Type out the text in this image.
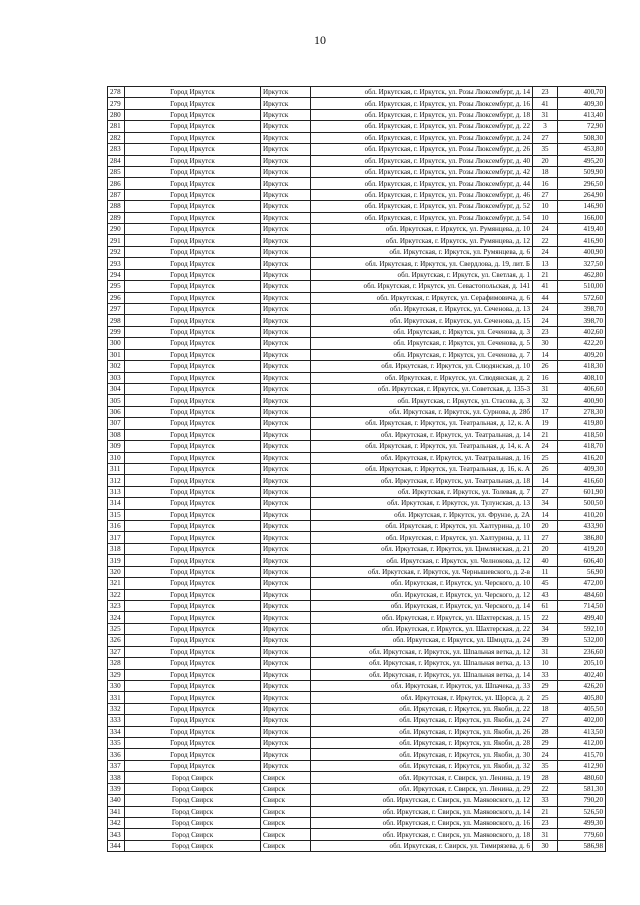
10
278	Город Иркутск	Иркутск	обл. Иркутская, г. Иркутск, ул. Розы Люксембург, д. 14	23	400,70
279	Город Иркутск	Иркутск	обл. Иркутская, г. Иркутск, ул. Розы Люксембург, д. 16	41	409,30
280	Город Иркутск	Иркутск	обл. Иркутская, г. Иркутск, ул. Розы Люксембург, д. 18	31	413,40
281	Город Иркутск	Иркутск	обл. Иркутская, г. Иркутск, ул. Розы Люксембург, д. 22	3	72,90
282	Город Иркутск	Иркутск	обл. Иркутская, г. Иркутск, ул. Розы Люксембург, д. 24	27	508,30
283	Город Иркутск	Иркутск	обл. Иркутская, г. Иркутск, ул. Розы Люксембург, д. 26	35	453,80
284	Город Иркутск	Иркутск	обл. Иркутская, г. Иркутск, ул. Розы Люксембург, д. 40	20	495,20
285	Город Иркутск	Иркутск	обл. Иркутская, г. Иркутск, ул. Розы Люксембург, д. 42	18	509,90
286	Город Иркутск	Иркутск	обл. Иркутская, г. Иркутск, ул. Розы Люксембург, д. 44	16	296,50
287	Город Иркутск	Иркутск	обл. Иркутская, г. Иркутск, ул. Розы Люксембург, д. 46	27	264,90
288	Город Иркутск	Иркутск	обл. Иркутская, г. Иркутск, ул. Розы Люксембург, д. 52	10	146,90
289	Город Иркутск	Иркутск	обл. Иркутская, г. Иркутск, ул. Розы Люксембург, д. 54	10	166,00
290	Город Иркутск	Иркутск	обл. Иркутская, г. Иркутск, ул. Румянцева, д. 10	24	419,40
291	Город Иркутск	Иркутск	обл. Иркутская, г. Иркутск, ул. Румянцева, д. 12	22	416,90
292	Город Иркутск	Иркутск	обл. Иркутская, г. Иркутск, ул. Румянцева, д. 6	24	400,90
293	Город Иркутск	Иркутск	обл. Иркутская, г. Иркутск, ул. Свердлова, д. 19, лит. Б	13	327,50
294	Город Иркутск	Иркутск	обл. Иркутская, г. Иркутск, ул. Светлая, д. 1	21	462,80
295	Город Иркутск	Иркутск	обл. Иркутская, г. Иркутск, ул. Севастопольская, д. 141	41	510,00
296	Город Иркутск	Иркутск	обл. Иркутская, г. Иркутск, ул. Серафимовича, д. 6	44	572,60
297	Город Иркутск	Иркутск	обл. Иркутская, г. Иркутск, ул. Сеченова, д. 13	24	398,70
298	Город Иркутск	Иркутск	обл. Иркутская, г. Иркутск, ул. Сеченова, д. 15	24	398,70
299	Город Иркутск	Иркутск	обл. Иркутская, г. Иркутск, ул. Сеченова, д. 3	23	402,60
300	Город Иркутск	Иркутск	обл. Иркутская, г. Иркутск, ул. Сеченова, д. 5	30	422,20
301	Город Иркутск	Иркутск	обл. Иркутская, г. Иркутск, ул. Сеченова, д. 7	14	409,20
302	Город Иркутск	Иркутск	обл. Иркутская, г. Иркутск, ул. Слюдянская, д. 10	26	418,30
303	Город Иркутск	Иркутск	обл. Иркутская, г. Иркутск, ул. Слюдянская, д. 2	16	408,10
304	Город Иркутск	Иркутск	обл. Иркутская, г. Иркутск, ул. Советская, д. 135-3	31	406,60
305	Город Иркутск	Иркутск	обл. Иркутская, г. Иркутск, ул. Стасова, д. 3	32	400,90
306	Город Иркутск	Иркутск	обл. Иркутская, г. Иркутск, ул. Сурнова, д. 28б	17	278,30
307	Город Иркутск	Иркутск	обл. Иркутская, г. Иркутск, ул. Театральная, д. 12, к. А	19	419,80
308	Город Иркутск	Иркутск	обл. Иркутская, г. Иркутск, ул. Театральная, д. 14	21	418,50
309	Город Иркутск	Иркутск	обл. Иркутская, г. Иркутск, ул. Театральная, д. 14, к. А	24	418,70
310	Город Иркутск	Иркутск	обл. Иркутская, г. Иркутск, ул. Театральная, д. 16	25	416,20
311	Город Иркутск	Иркутск	обл. Иркутская, г. Иркутск, ул. Театральная, д. 16, к. А	26	409,30
312	Город Иркутск	Иркутск	обл. Иркутская, г. Иркутск, ул. Театральная, д. 18	14	416,60
313	Город Иркутск	Иркутск	обл. Иркутская, г. Иркутск, ул. Толевая, д. 7	27	601,90
314	Город Иркутск	Иркутск	обл. Иркутская, г. Иркутск, ул. Тулунская, д. 13	34	500,50
315	Город Иркутск	Иркутск	обл. Иркутская, г. Иркутск, ул. Фрунзе, д. 2А	14	410,20
316	Город Иркутск	Иркутск	обл. Иркутская, г. Иркутск, ул. Халтурина, д. 10	20	433,90
317	Город Иркутск	Иркутск	обл. Иркутская, г. Иркутск, ул. Халтурина, д. 11	27	386,80
318	Город Иркутск	Иркутск	обл. Иркутская, г. Иркутск, ул. Цимлянская, д. 21	20	419,20
319	Город Иркутск	Иркутск	обл. Иркутская, г. Иркутск, ул. Челнокова, д. 12	40	606,40
320	Город Иркутск	Иркутск	обл. Иркутская, г. Иркутск, ул. Чернышевского, д. 2-в	11	56,90
321	Город Иркутск	Иркутск	обл. Иркутская, г. Иркутск, ул. Черского, д. 10	45	472,00
322	Город Иркутск	Иркутск	обл. Иркутская, г. Иркутск, ул. Черского, д. 12	43	484,60
323	Город Иркутск	Иркутск	обл. Иркутская, г. Иркутск, ул. Черского, д. 14	61	714,50
324	Город Иркутск	Иркутск	обл. Иркутская, г. Иркутск, ул. Шахтерская, д. 15	22	499,40
325	Город Иркутск	Иркутск	обл. Иркутская, г. Иркутск, ул. Шахтерская, д. 22	34	592,10
326	Город Иркутск	Иркутск	обл. Иркутская, г. Иркутск, ул. Шмидта, д. 24	39	532,00
327	Город Иркутск	Иркутск	обл. Иркутская, г. Иркутск, ул. Шпальная ветка, д. 12	31	236,60
328	Город Иркутск	Иркутск	обл. Иркутская, г. Иркутск, ул. Шпальная ветка, д. 13	10	205,10
329	Город Иркутск	Иркутск	обл. Иркутская, г. Иркутск, ул. Шпальная ветка, д. 14	33	402,40
330	Город Иркутск	Иркутск	обл. Иркутская, г. Иркутск, ул. Шпачека, д. 33	29	426,20
331	Город Иркутск	Иркутск	обл. Иркутская, г. Иркутск, ул. Щорса, д. 2	25	405,80
332	Город Иркутск	Иркутск	обл. Иркутская, г. Иркутск, ул. Якоби, д. 22	18	405,50
333	Город Иркутск	Иркутск	обл. Иркутская, г. Иркутск, ул. Якоби, д. 24	27	402,00
334	Город Иркутск	Иркутск	обл. Иркутская, г. Иркутск, ул. Якоби, д. 26	28	413,50
335	Город Иркутск	Иркутск	обл. Иркутская, г. Иркутск, ул. Якоби, д. 28	29	412,00
336	Город Иркутск	Иркутск	обл. Иркутская, г. Иркутск, ул. Якоби, д. 30	24	415,70
337	Город Иркутск	Иркутск	обл. Иркутская, г. Иркутск, ул. Якоби, д. 32	35	412,90
338	Город Свирск	Свирск	обл. Иркутская, г. Свирск, ул. Ленина, д. 19	28	480,60
339	Город Свирск	Свирск	обл. Иркутская, г. Свирск, ул. Ленина, д. 29	22	581,30
340	Город Свирск	Свирск	обл. Иркутская, г. Свирск, ул. Маяковского, д. 12	33	790,20
341	Город Свирск	Свирск	обл. Иркутская, г. Свирск, ул. Маяковского, д. 14	21	526,50
342	Город Свирск	Свирск	обл. Иркутская, г. Свирск, ул. Маяковского, д. 16	23	499,30
343	Город Свирск	Свирск	обл. Иркутская, г. Свирск, ул. Маяковского, д. 18	31	779,60
344	Город Свирск	Свирск	обл. Иркутская, г. Свирск, ул. Тимирязева, д. 6	30	586,98
